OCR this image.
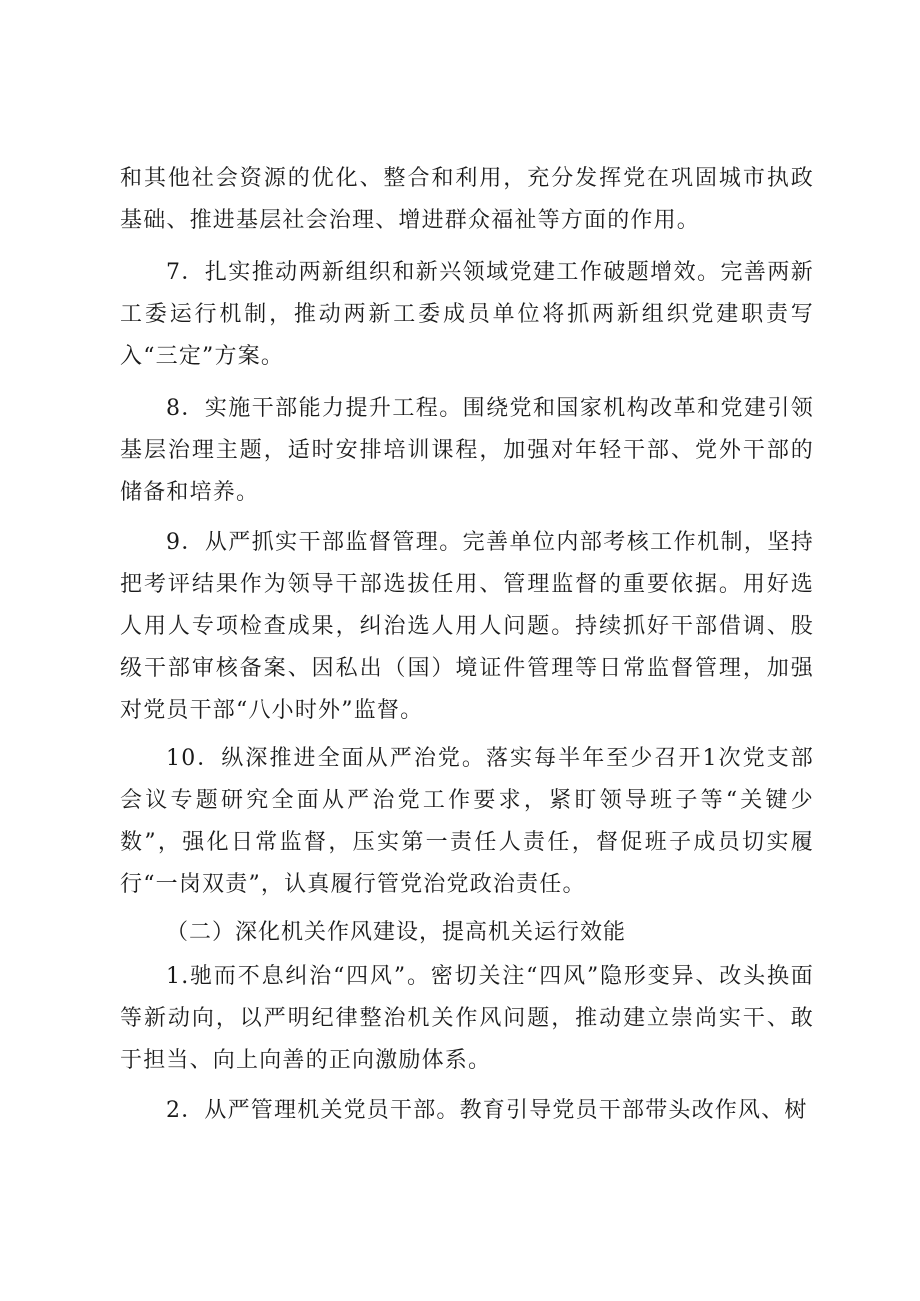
和其他社会资源的优化、整合和利用，充分发挥党在巩固城市执政基础、推进基层社会治理、增进群众福祉等方面的作用。

7．扎实推动两新组织和新兴领域党建工作破题增效。完善两新工委运行机制，推动两新工委成员单位将抓两新组织党建职责写入“三定”方案。

8．实施干部能力提升工程。围绕党和国家机构改革和党建引领基层治理主题，适时安排培训课程，加强对年轻干部、党外干部的储备和培养。

9．从严抓实干部监督管理。完善单位内部考核工作机制，坚持把考评结果作为领导干部选拔任用、管理监督的重要依据。用好选人用人专项检查成果，纠治选人用人问题。持续抓好干部借调、股级干部审核备案、因私出（国）境证件管理等日常监督管理，加强对党员干部“八小时外”监督。

10．纵深推进全面从严治党。落实每半年至少召开1次党支部会议专题研究全面从严治党工作要求，紧盯领导班子等“关键少数”，强化日常监督，压实第一责任人责任，督促班子成员切实履行“一岗双责”，认真履行管党治党政治责任。

（二）深化机关作风建设，提高机关运行效能

1.驰而不息纠治“四风”。密切关注“四风”隐形变异、改头换面等新动向，以严明纪律整治机关作风问题，推动建立崇尚实干、敢于担当、向上向善的正向激励体系。

2．从严管理机关党员干部。教育引导党员干部带头改作风、树
